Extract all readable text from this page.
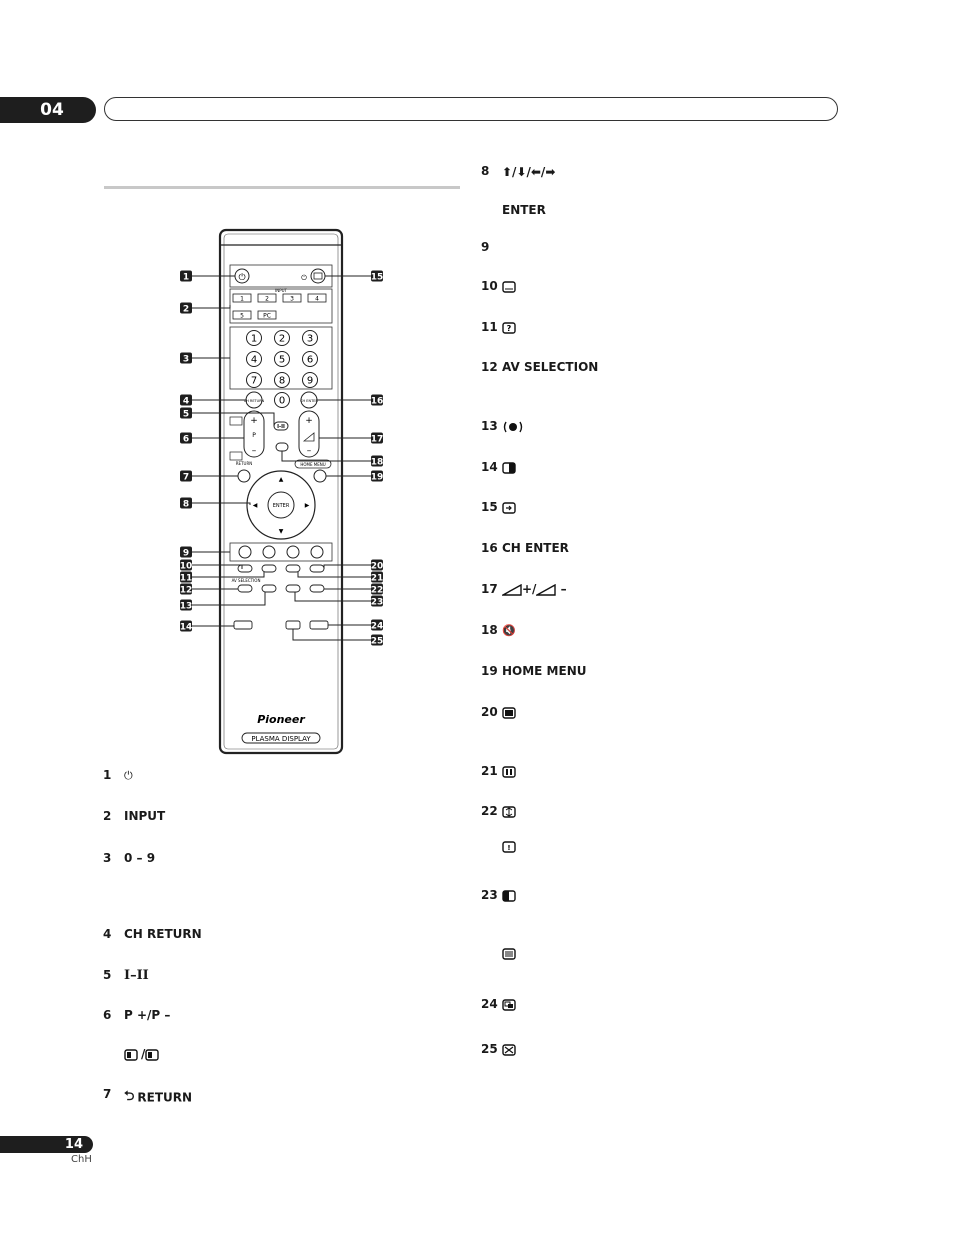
04
⏻	⏻
INPUT
1	2	3	4
5	PC
1 2 3
4 5 6
7 8 9
0
CH RETURN	CH ENTER
I-II
+
P
–
+
–
RETURN	HOME MENU
ENTER
▲
▼
◀	▶
AV SELECTION
Pioneer
PLASMA DISPLAY
1
2
3
4
5
6
7
8
9
10
11
12
13
14
15
16
17
18
19
20
21
22
23
24
25
1 ⏻
2 INPUT
3 0 – 9
4 CH RETURN
5 I–II
6 P +/P –
/
7 ⮌ RETURN
8 ⬆/⬇/⬅/➡
ENTER
9
10
11 ?
12 AV SELECTION
13
14
15
16 CH ENTER
17	+/ –
18 🔇
19 HOME MENU
20
21
22
!
23
24
25
14
ChH
